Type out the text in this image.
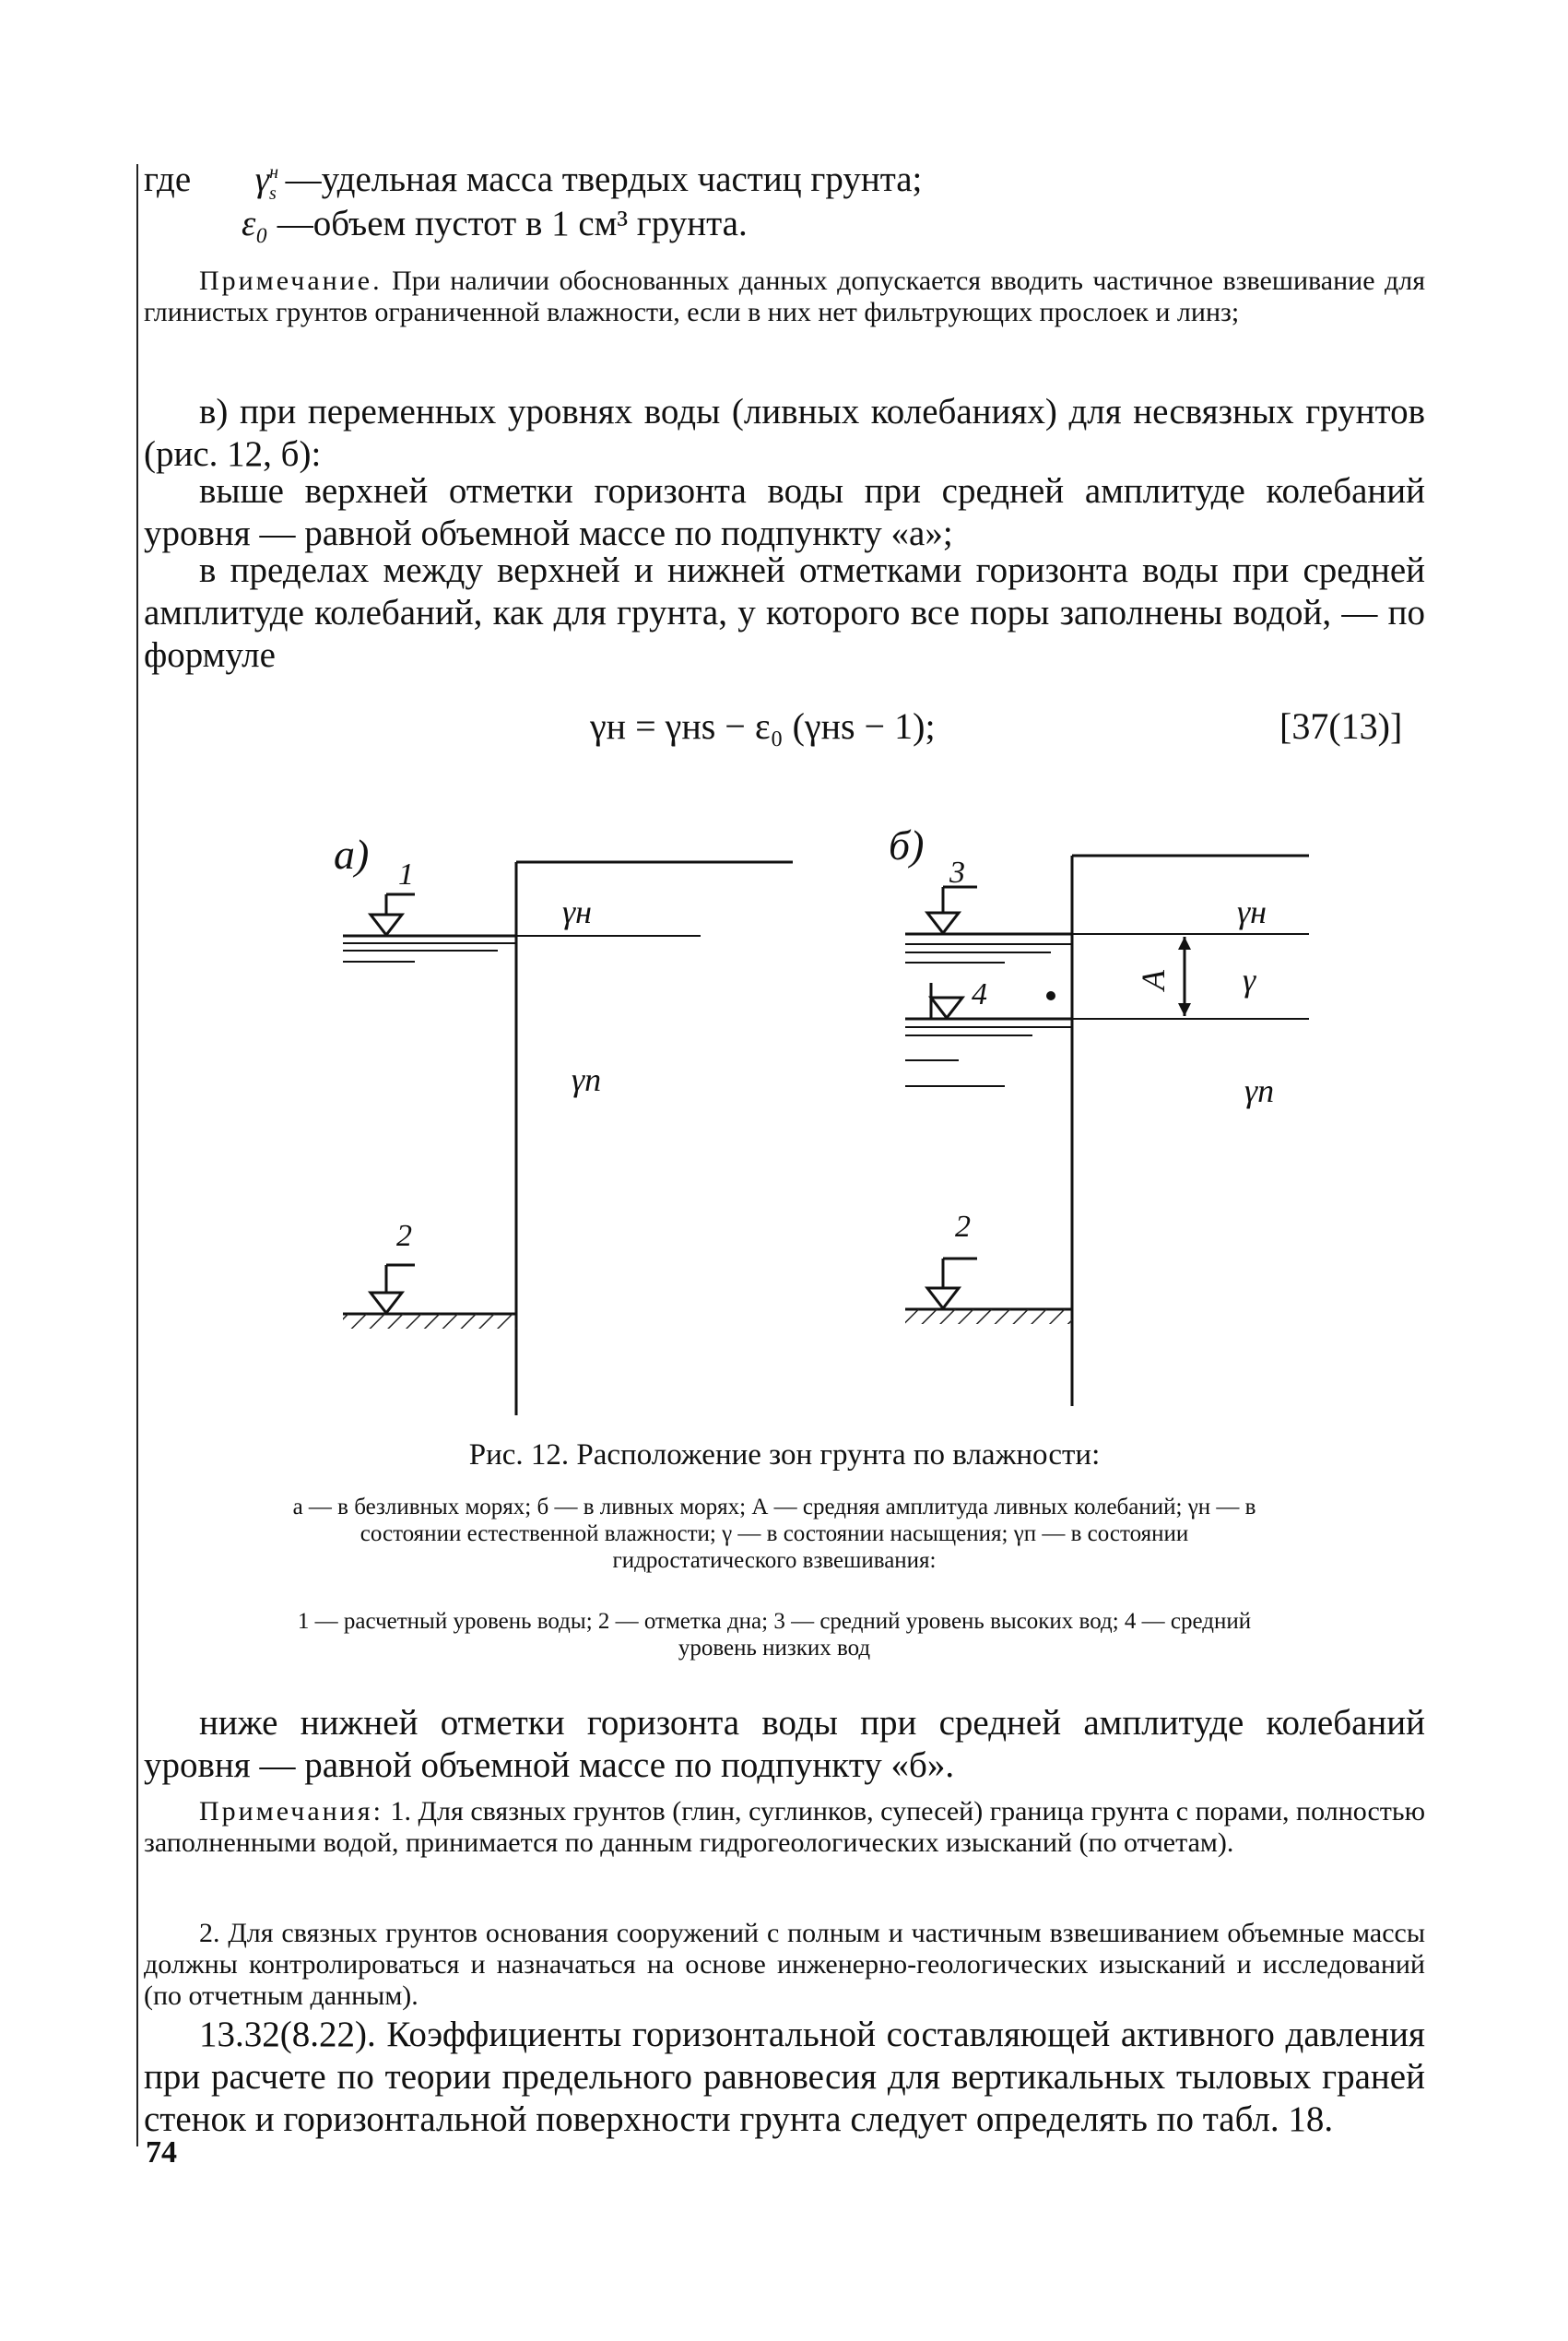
где $\gamma^н_s$ —удельная масса твердых частиц грунта;
ε₀ —объем пустот в 1 см³ грунта.
Примечание. При наличии обоснованных данных допускается вводить частичное взвешивание для глинистых грунтов ограниченной влажности, если в них нет фильтрующих прослоек и линз;
в) при переменных уровнях воды (ливных колебаниях) для несвязных грунтов (рис. 12, б):
выше верхней отметки горизонта воды при средней амплитуде колебаний уровня — равной объемной массе по подпункту «а»;
в пределах между верхней и нижней отметками горизонта воды при средней амплитуде колебаний, как для грунта, у которого все поры заполнены водой, — по формуле
γн = γнs − ε₀ (γнs − 1);	[37(13)]
а) 1
γн
γп
2
б)
3
4	A
γн
γ
γп
2
Рис. 12. Расположение зон грунта по влажности:
а — в безливных морях; б — в ливных морях; А — средняя амплитуда ливных колебаний; γн — в состоянии естественной влажности; γ — в состоянии насыщения; γп — в состоянии гидростатического взвешивания:
1 — расчетный уровень воды; 2 — отметка дна; 3 — средний уровень высоких вод; 4 — средний уровень низких вод
ниже нижней отметки горизонта воды при средней амплитуде колебаний уровня — равной объемной массе по подпункту «б».
Примечания: 1. Для связных грунтов (глин, суглинков, супесей) граница грунта с порами, полностью заполненными водой, принимается по данным гидрогеологических изысканий (по отчетам).
2. Для связных грунтов основания сооружений с полным и частичным взвешиванием объемные массы должны контролироваться и назначаться на основе инженерно-геологических изысканий и исследований (по отчетным данным).
13.32(8.22). Коэффициенты горизонтальной составляющей активного давления при расчете по теории предельного равновесия для вертикальных тыловых граней стенок и горизонтальной поверхности грунта следует определять по табл. 18.
74
